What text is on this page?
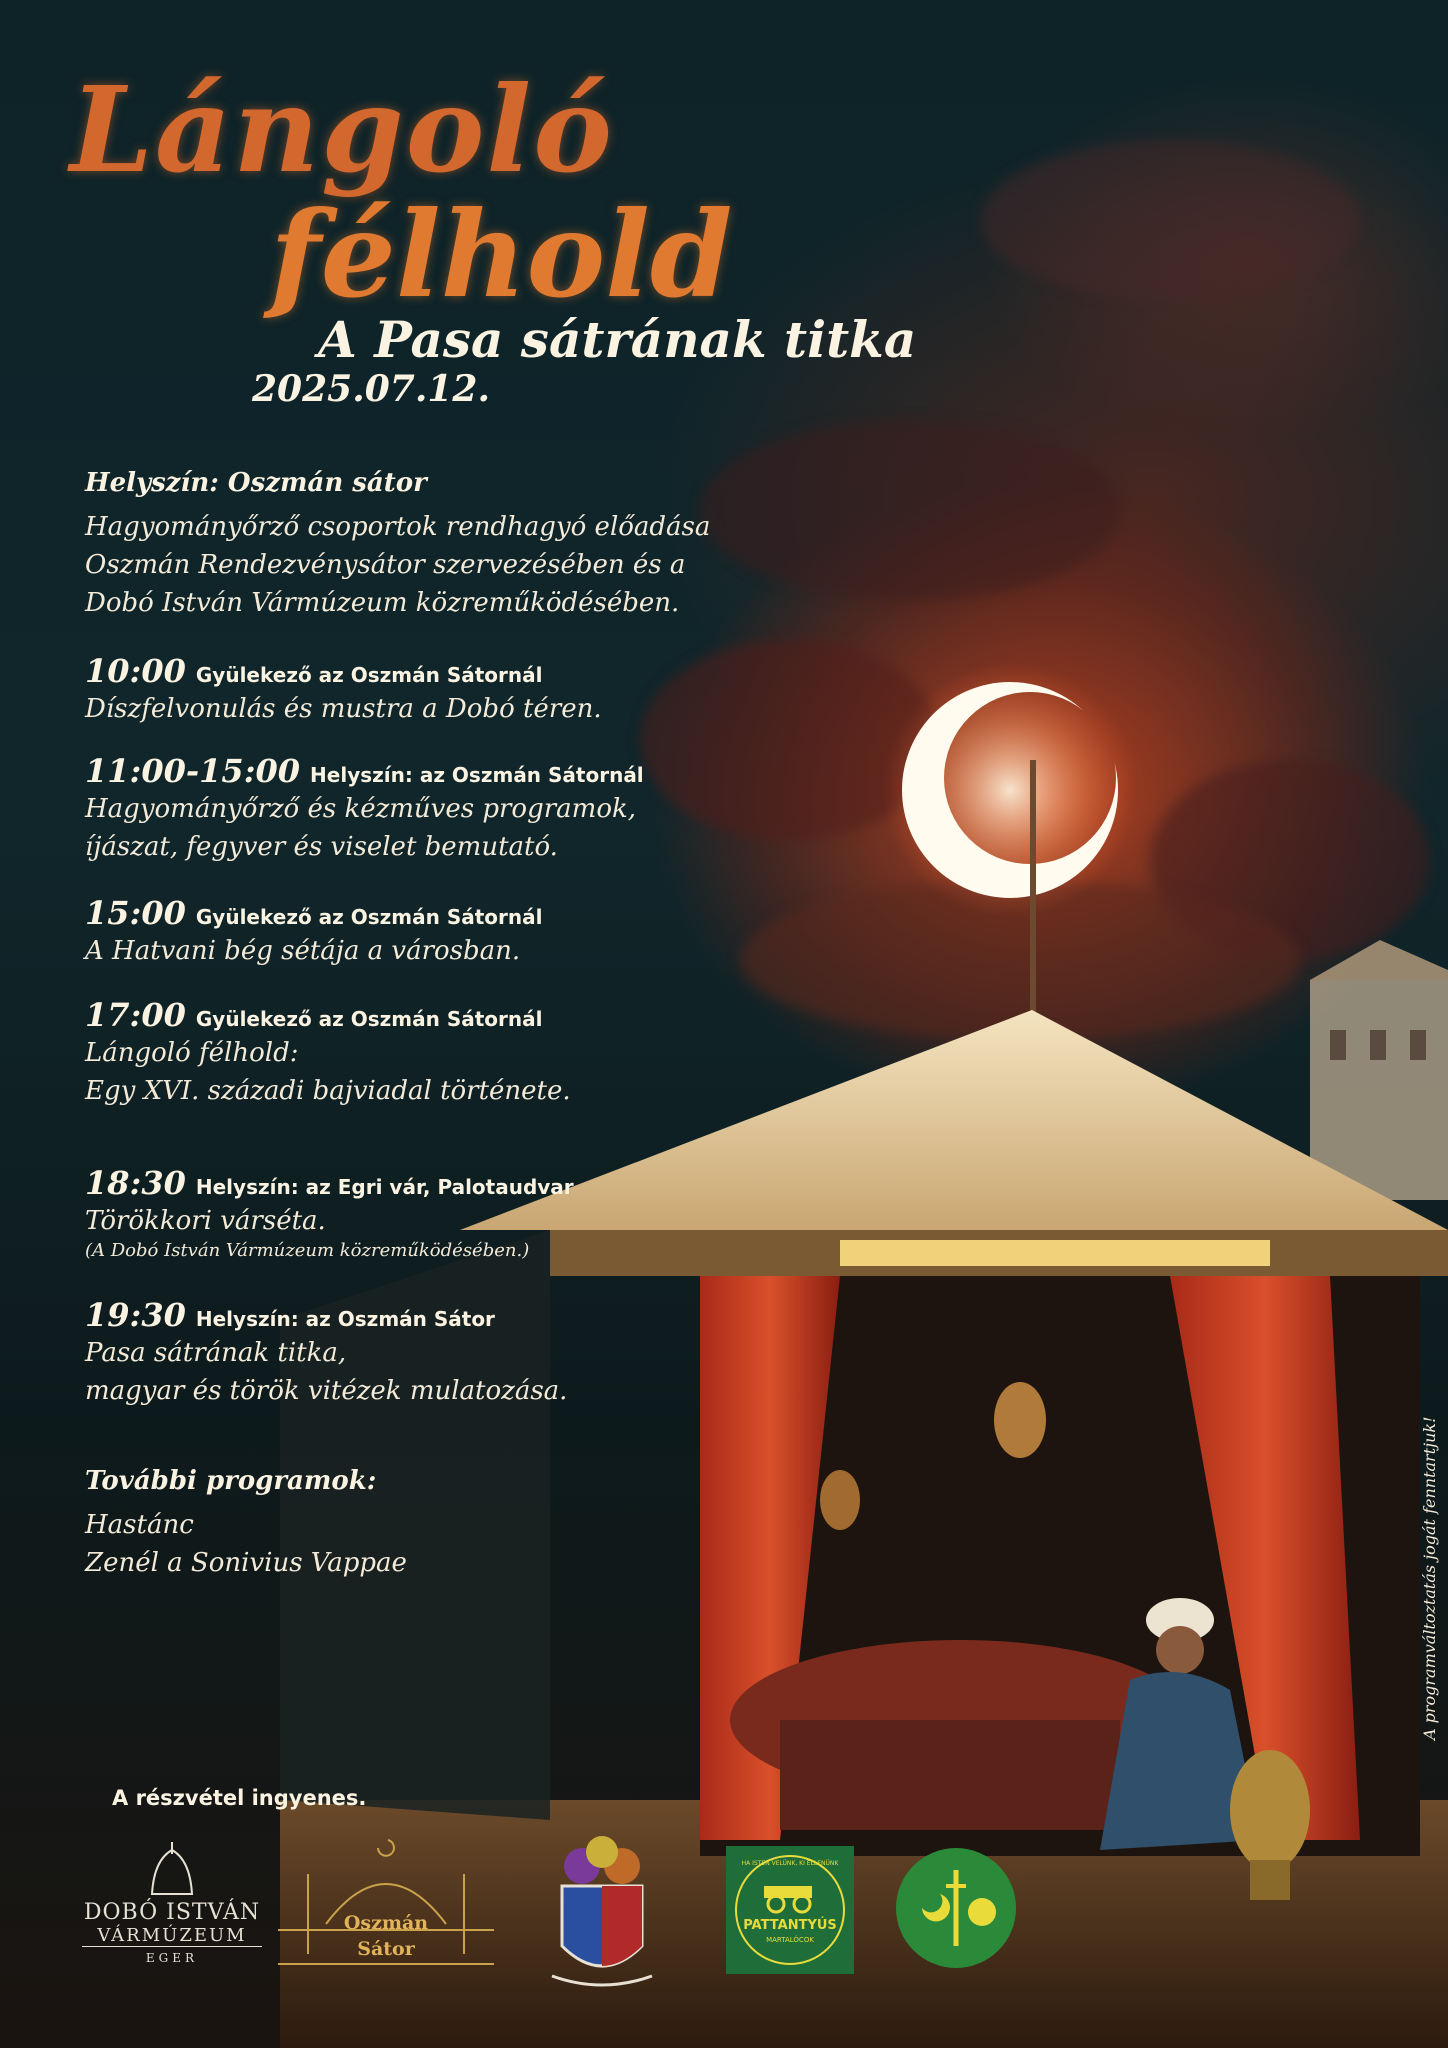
Lángoló
félhold
A Pasa sátrának titka
2025.07.12.
Helyszín: Oszmán sátor
Hagyományőrző csoportok rendhagyó előadása
Oszmán Rendezvénysátor szervezésében és a
Dobó István Vármúzeum közreműködésében.
10:00 Gyülekező az Oszmán Sátornál
Díszfelvonulás és mustra a Dobó téren.
11:00-15:00 Helyszín: az Oszmán Sátornál
Hagyományőrző és kézműves programok,
íjászat, fegyver és viselet bemutató.
15:00 Gyülekező az Oszmán Sátornál
A Hatvani bég sétája a városban.
17:00 Gyülekező az Oszmán Sátornál
Lángoló félhold:
Egy XVI. századi bajviadal története.
18:30 Helyszín: az Egri vár, Palotaudvar
Törökkori várséta.
(A Dobó István Vármúzeum közreműködésében.)
19:30 Helyszín: az Oszmán Sátor
Pasa sátrának titka,
magyar és török vitézek mulatozása.
További programok:
Hastánc
Zenél a Sonivius Vappae
A részvétel ingyenes.
A programváltoztatás jogát fenntartjuk!
DOBÓ ISTVÁN
VÁRMÚZEUM
EGER
Oszmán
Sátor
HA ISTEN VELÜNK, KI ELLENÜNK
PATTANTYÚS
MARTALÓCOK
